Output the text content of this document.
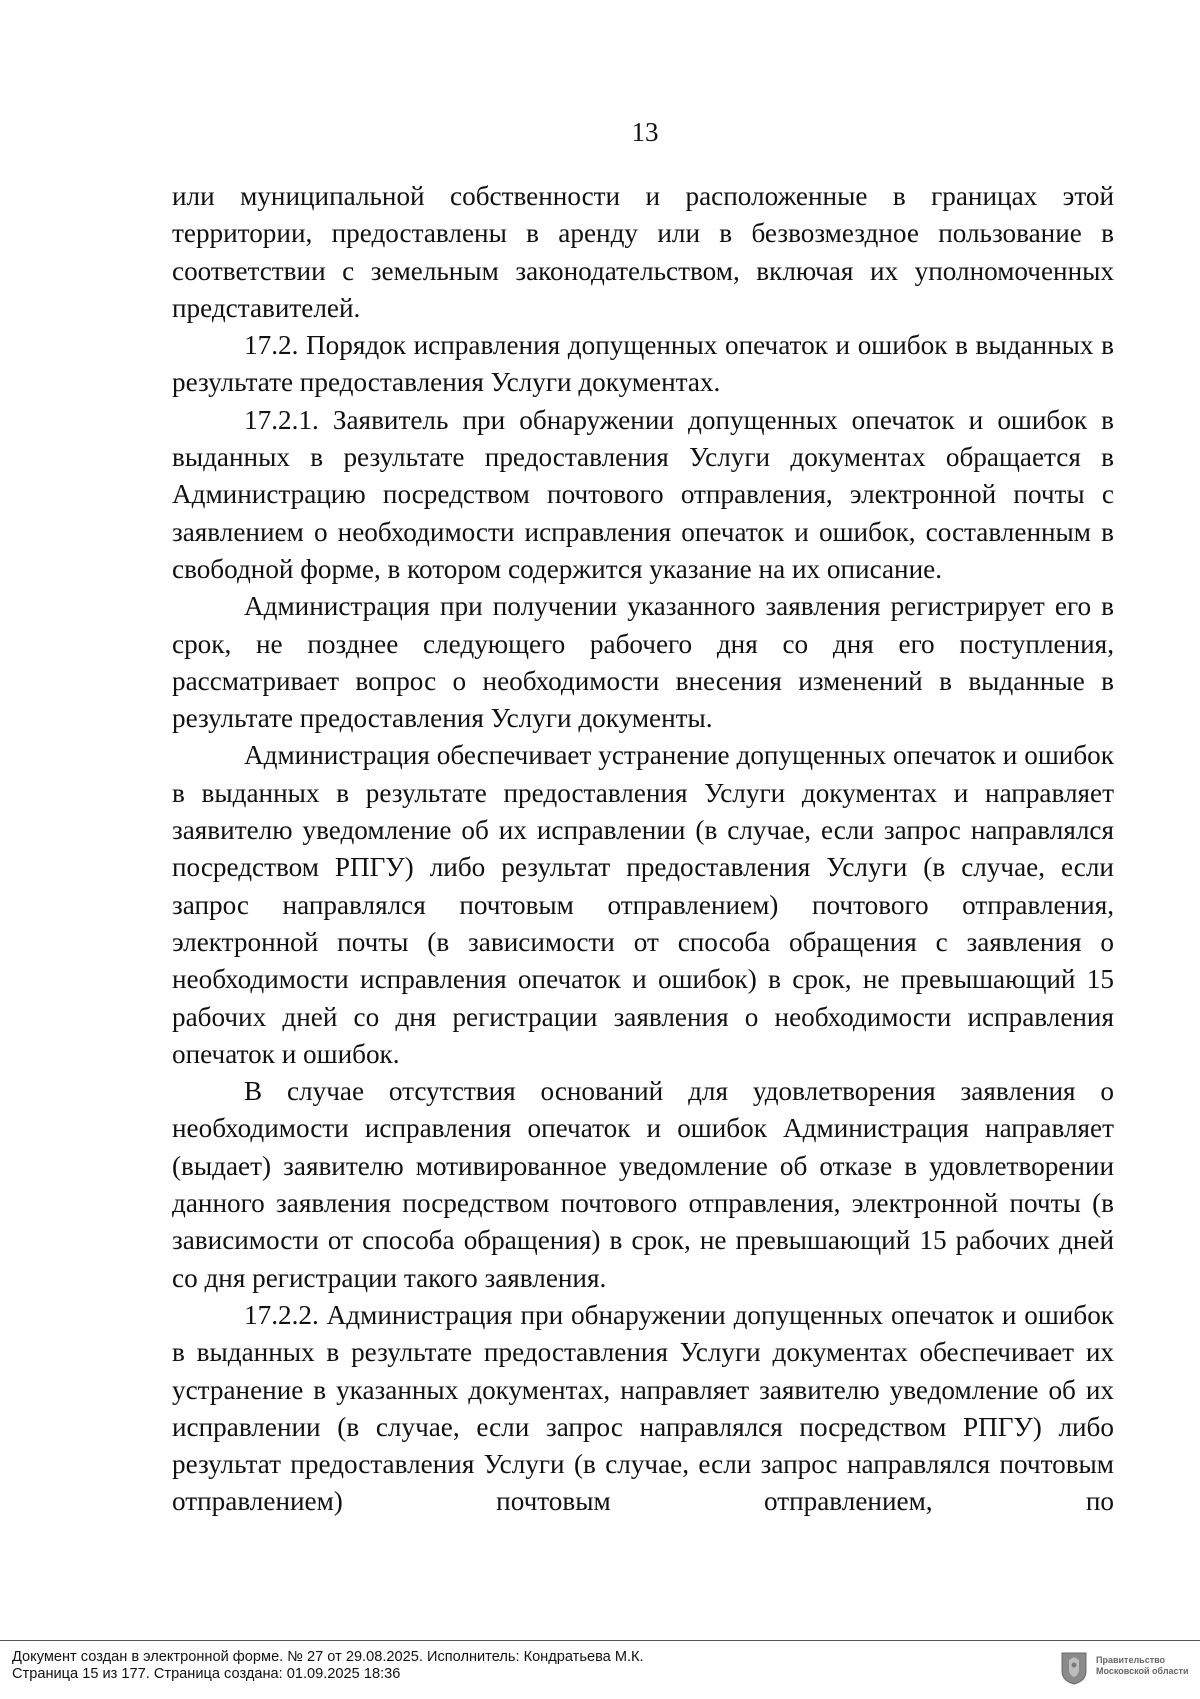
13

или муниципальной собственности и расположенные в границах этой территории, предоставлены в аренду или в безвозмездное пользование в соответствии с земельным законодательством, включая их уполномоченных представителей.

17.2. Порядок исправления допущенных опечаток и ошибок в выданных в результате предоставления Услуги документах.

17.2.1. Заявитель при обнаружении допущенных опечаток и ошибок в выданных в результате предоставления Услуги документах обращается в Администрацию посредством почтового отправления, электронной почты с заявлением о необходимости исправления опечаток и ошибок, составленным в свободной форме, в котором содержится указание на их описание.

Администрация при получении указанного заявления регистрирует его в срок, не позднее следующего рабочего дня со дня его поступления, рассматривает вопрос о необходимости внесения изменений в выданные в результате предоставления Услуги документы.

Администрация обеспечивает устранение допущенных опечаток и ошибок в выданных в результате предоставления Услуги документах и направляет заявителю уведомление об их исправлении (в случае, если запрос направлялся посредством РПГУ) либо результат предоставления Услуги (в случае, если запрос направлялся почтовым отправлением) почтового отправления, электронной почты (в зависимости от способа обращения с заявления о необходимости исправления опечаток и ошибок) в срок, не превышающий 15 рабочих дней со дня регистрации заявления о необходимости исправления опечаток и ошибок.

В случае отсутствия оснований для удовлетворения заявления о необходимости исправления опечаток и ошибок Администрация направляет (выдает) заявителю мотивированное уведомление об отказе в удовлетворении данного заявления посредством почтового отправления, электронной почты (в зависимости от способа обращения) в срок, не превышающий 15 рабочих дней со дня регистрации такого заявления.

17.2.2. Администрация при обнаружении допущенных опечаток и ошибок в выданных в результате предоставления Услуги документах обеспечивает их устранение в указанных документах, направляет заявителю уведомление об их исправлении (в случае, если запрос направлялся посредством РПГУ) либо результат предоставления Услуги (в случае, если запрос направлялся почтовым отправлением) почтовым отправлением, по

Документ создан в электронной форме. № 27 от 29.08.2025. Исполнитель: Кондратьева М.К.
Страница 15 из 177. Страница создана: 01.09.2025 18:36
Правительство Московской области
